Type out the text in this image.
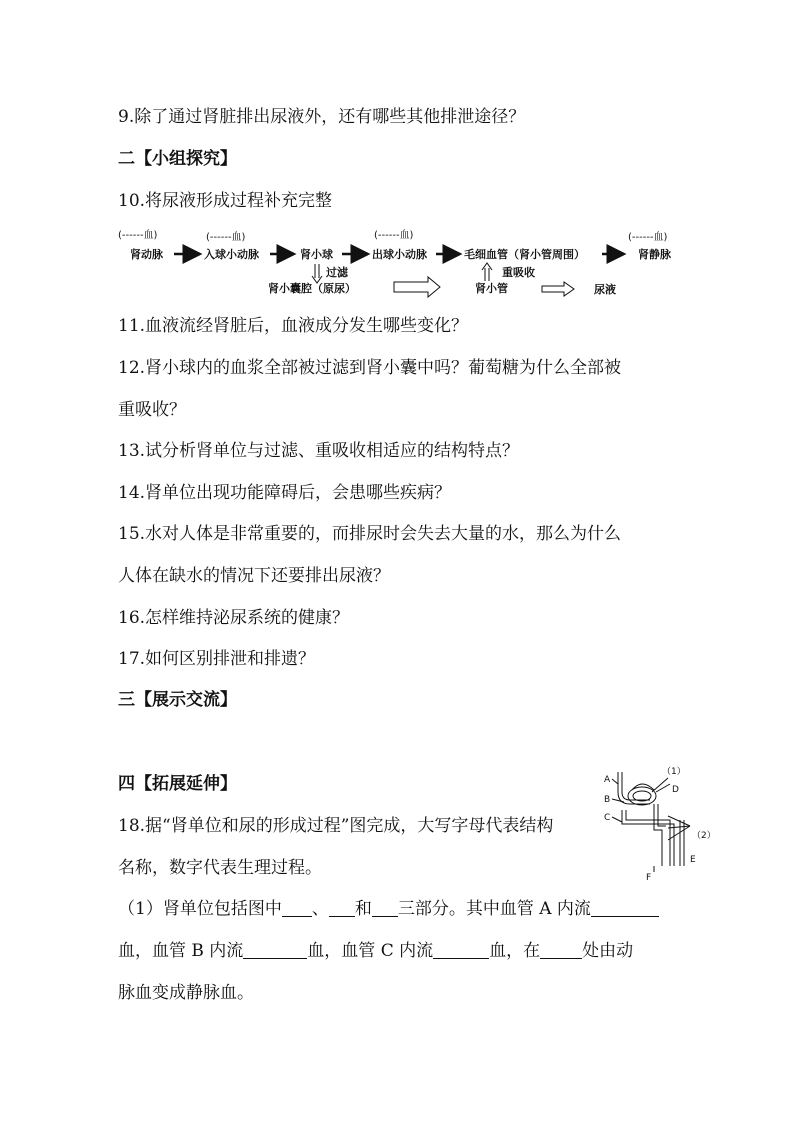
9.除了通过肾脏排出尿液外，还有哪些其他排泄途径？
二【小组探究】
10.将尿液形成过程补充完整
(------血)	(------血)	(------血)	(------血)
肾动脉	入球小动脉	肾小球	出球小动脉	毛细血管（肾小管周围）	肾静脉
过滤
肾小囊腔（原尿）
重吸收
肾小管	尿液
11.血液流经肾脏后，血液成分发生哪些变化？
12.肾小球内的血浆全部被过滤到肾小囊中吗？葡萄糖为什么全部被
重吸收？
13.试分析肾单位与过滤、重吸收相适应的结构特点？
14.肾单位出现功能障碍后，会患哪些疾病？
15.水对人体是非常重要的，而排尿时会失去大量的水，那么为什么
人体在缺水的情况下还要排出尿液？
16.怎样维持泌尿系统的健康？
17.如何区别排泄和排遗？
三【展示交流】
四【拓展延伸】
18.据“肾单位和尿的形成过程”图完成，大写字母代表结构
名称，数字代表生理过程。
（1）肾单位包括图中 、 和 三部分。其中血管 A 内流
血，血管 B 内流	血，血管 C 内流	血，在 处由动
脉血变成静脉血。
A
B
C
D
E
F
（1）
（2）
